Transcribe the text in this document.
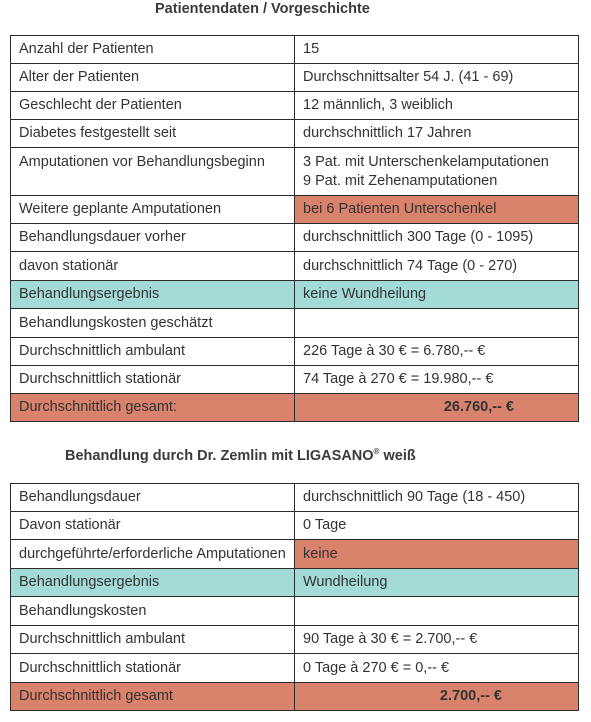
Patientendaten / Vorgeschichte
Anzahl der Patienten	15
Alter der Patienten	Durchschnittsalter 54 J. (41 - 69)
Geschlecht der Patienten	12 männlich, 3 weiblich
Diabetes festgestellt seit	durchschnittlich 17 Jahren
Amputationen vor Behandlungsbeginn	3 Pat. mit Unterschenkelamputationen
9 Pat. mit Zehenamputationen

Weitere geplante Amputationen	bei 6 Patienten Unterschenkel
Behandlungsdauer vorher	durchschnittlich 300 Tage (0 - 1095)
davon stationär	durchschnittlich 74 Tage (0 - 270)
Behandlungsergebnis	keine Wundheilung
Behandlungskosten geschätzt	
Durchschnittlich ambulant	226 Tage à 30 € = 6.780,-- €
Durchschnittlich stationär	74 Tage à 270 € = 19.980,-- €
Durchschnittlich gesamt:	26.760,-- €
Behandlung durch Dr. Zemlin mit LIGASANO® weiß
Behandlungsdauer	durchschnittlich 90 Tage (18 - 450)
Davon stationär	0 Tage
durchgeführte/erforderliche Amputationen	keine
Behandlungsergebnis	Wundheilung
Behandlungskosten	
Durchschnittlich ambulant	90 Tage à 30 € = 2.700,-- €
Durchschnittlich stationär	0 Tage à 270 € = 0,-- €
Durchschnittlich gesamt	2.700,-- €
